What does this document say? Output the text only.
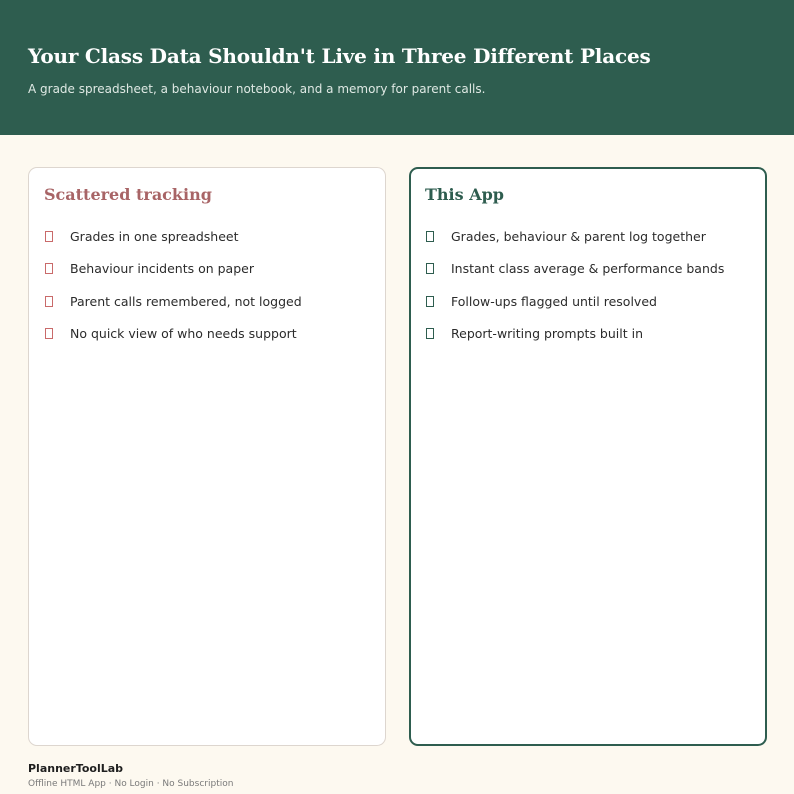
Your Class Data Shouldn't Live in Three Different Places

A grade spreadsheet, a behaviour notebook, and a memory for parent calls.

Scattered tracking
Grades in one spreadsheet
Behaviour incidents on paper
Parent calls remembered, not logged
No quick view of who needs support
This App
Grades, behaviour & parent log together
Instant class average & performance bands
Follow-ups flagged until resolved
Report-writing prompts built in
PlannerToolLab
Offline HTML App · No Login · No Subscription
